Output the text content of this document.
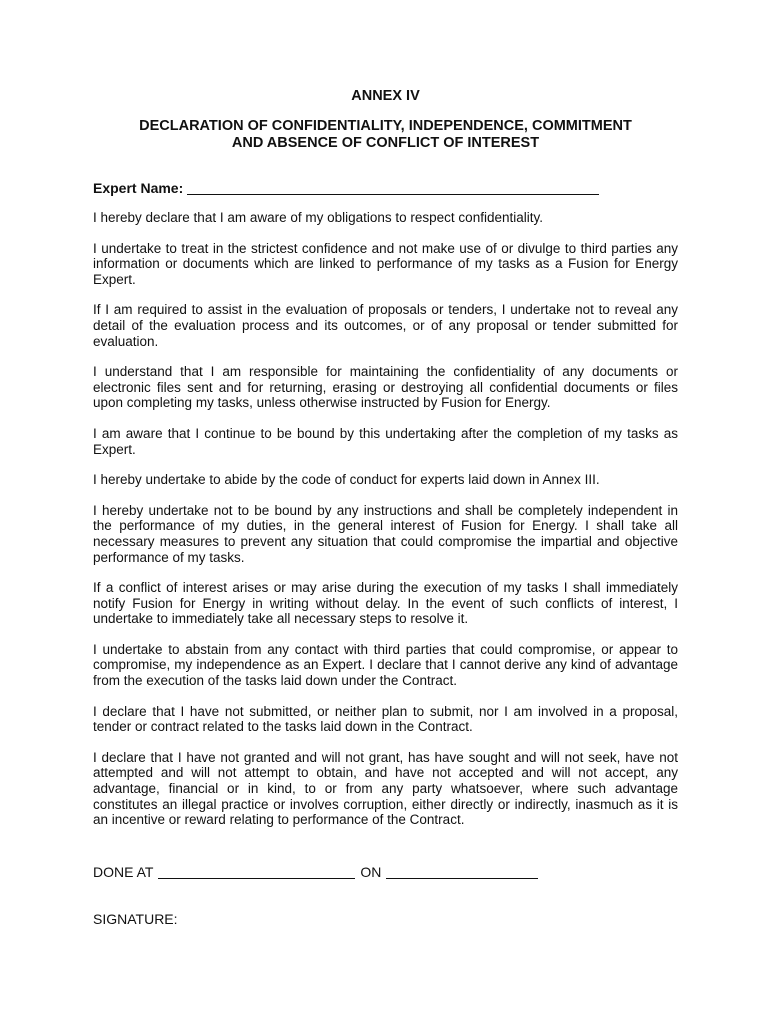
ANNEX IV
DECLARATION OF CONFIDENTIALITY, INDEPENDENCE, COMMITMENT
AND ABSENCE OF CONFLICT OF INTEREST
Expert Name:

I hereby declare that I am aware of my obligations to respect confidentiality.

I undertake to treat in the strictest confidence and not make use of or divulge to third parties any information or documents which are linked to performance of my tasks as a Fusion for Energy Expert.

If I am required to assist in the evaluation of proposals or tenders, I undertake not to reveal any detail of the evaluation process and its outcomes, or of any proposal or tender submitted for evaluation.

I understand that I am responsible for maintaining the confidentiality of any documents or electronic files sent and for returning, erasing or destroying all confidential documents or files upon completing my tasks, unless otherwise instructed by Fusion for Energy.

I am aware that I continue to be bound by this undertaking after the completion of my tasks as Expert.

I hereby undertake to abide by the code of conduct for experts laid down in Annex III.

I hereby undertake not to be bound by any instructions and shall be completely independent in the performance of my duties, in the general interest of Fusion for Energy. I shall take all necessary measures to prevent any situation that could compromise the impartial and objective performance of my tasks.

If a conflict of interest arises or may arise during the execution of my tasks I shall immediately notify Fusion for Energy in writing without delay. In the event of such conflicts of interest, I undertake to immediately take all necessary steps to resolve it.

I undertake to abstain from any contact with third parties that could compromise, or appear to compromise, my independence as an Expert. I declare that I cannot derive any kind of advantage from the execution of the tasks laid down under the Contract.

I declare that I have not submitted, or neither plan to submit, nor I am involved in a proposal, tender or contract related to the tasks laid down in the Contract.

I declare that I have not granted and will not grant, has have sought and will not seek, have not attempted and will not attempt to obtain, and have not accepted and will not accept, any advantage, financial or in kind, to or from any party whatsoever, where such advantage constitutes an illegal practice or involves corruption, either directly or indirectly, inasmuch as it is an incentive or reward relating to performance of the Contract.

DONE AT	ON
SIGNATURE:
